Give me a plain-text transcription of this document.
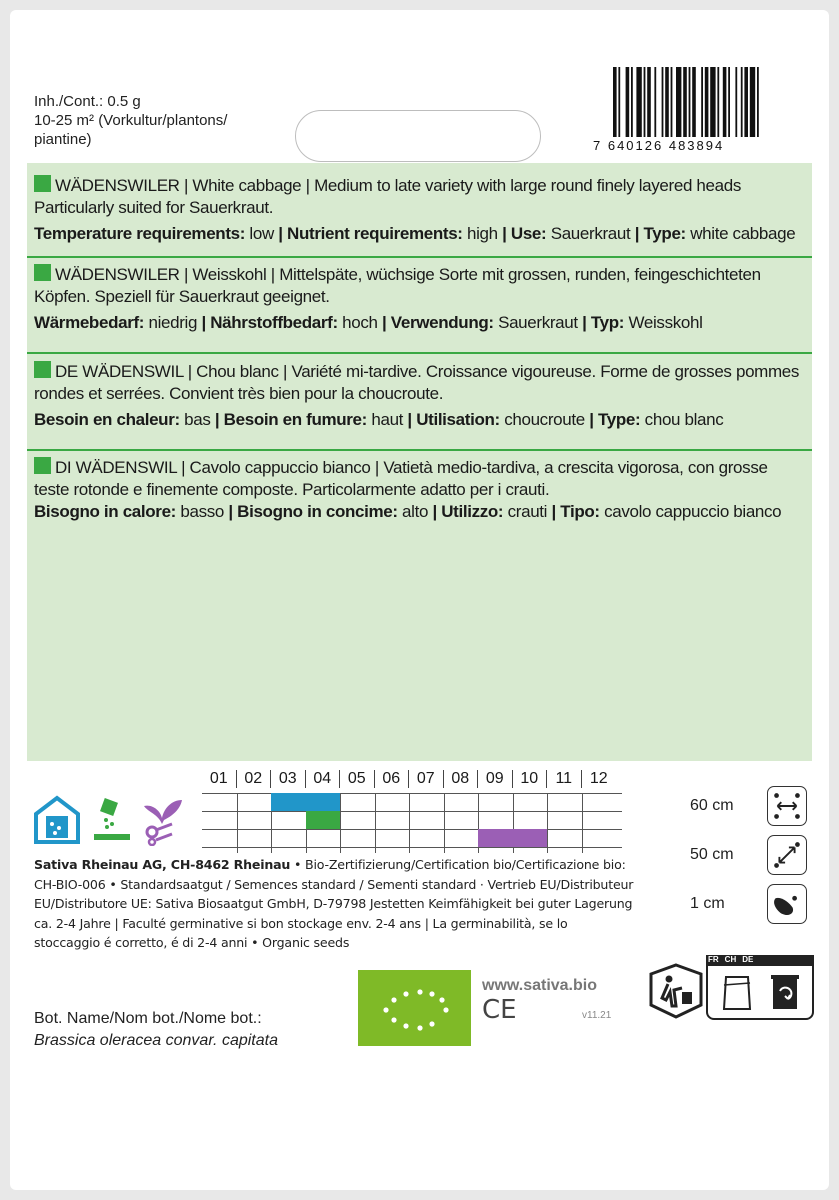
Inh./Cont.: 0.5 g
10-25 m² (Vorkultur/plantons/
piantine)	7 640126 483894

WÄDENSWILER | White cabbage | Medium to late variety with large round finely layered heads Particularly suited for Sauerkraut.

Temperature requirements: low | Nutrient requirements: high | Use: Sauerkraut | Type: white cabbage

WÄDENSWILER | Weisskohl | Mittelspäte, wüchsige Sorte mit grossen, runden, feingeschichteten Köpfen. Speziell für Sauerkraut geeignet.

Wärmebedarf: niedrig | Nährstoffbedarf: hoch | Verwendung: Sauerkraut | Typ: Weisskohl

DE WÄDENSWIL | Chou blanc | Variété mi-tardive. Croissance vigoureuse. Forme de grosses pommes rondes et serrées. Convient très bien pour la choucroute.

Besoin en chaleur: bas | Besoin en fumure: haut | Utilisation: choucroute | Type: chou blanc

DI WÄDENSWIL | Cavolo cappuccio bianco | Vatietà medio-tardiva, a crescita vigorosa, con grosse teste rotonde e finemente composte. Particolarmente adatto per i crauti.

Bisogno in calore: basso | Bisogno in concime: alto | Utilizzo: crauti | Tipo: cavolo cappuccio bianco

01	02	03	04	05	06	07	08	09	10	11	12
60 cm
50 cm
1 cm
Sativa Rheinau AG, CH-8462 Rheinau • Bio-Zertifizierung/Certification bio/Certificazione bio: CH-BIO-006 • Standardsaatgut / Semences standard / Sementi standard · Vertrieb EU/Distributeur EU/Distributore UE: Sativa Biosaatgut GmbH, D-79798 Jestetten Keimfähigkeit bei guter Lagerung ca. 2-4 Jahre | Faculté germinative si bon stockage env. 2-4 ans | La germinabilità, se lo stoccaggio é corretto, é di 2-4 anni • Organic seeds
www.sativa.bio
CE	v11.21
FR CH DE
Bot. Name/Nom bot./Nome bot.:
Brassica oleracea convar. capitata
